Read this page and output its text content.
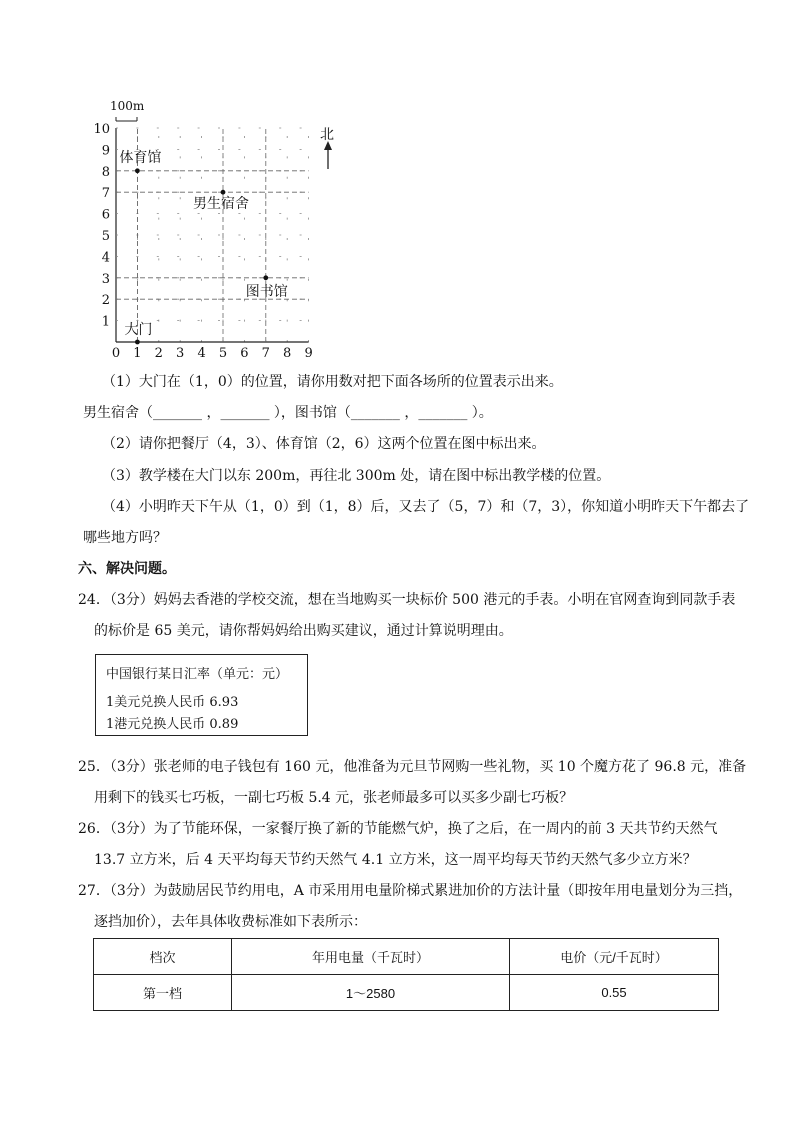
100m
0 1 2 3 4 5 6 7 8 9
1
2
3
4
5
6
7
8
9
10
体育馆
男生宿舍
图书馆
大门
北
（1）大门在（1，0）的位置，请你用数对把下面各场所的位置表示出来。
男生宿舍（_______ ，_______ ），图书馆（_______ ，_______ ）。
（2）请你把餐厅（4，3）、体育馆（2，6）这两个位置在图中标出来。
（3）教学楼在大门以东 200m，再往北 300m 处，请在图中标出教学楼的位置。
（4）小明昨天下午从（1，0）到（1，8）后，又去了（5，7）和（7，3），你知道小明昨天下午都去了
哪些地方吗？
六、解决问题。
24．（3分）妈妈去香港的学校交流，想在当地购买一块标价 500 港元的手表。小明在官网查询到同款手表
的标价是 65 美元，请你帮妈妈给出购买建议，通过计算说明理由。
中国银行某日汇率（单元：元）
1美元兑换人民币 6.93
1港元兑换人民币 0.89
25．（3分）张老师的电子钱包有 160 元，他准备为元旦节网购一些礼物，买 10 个魔方花了 96.8 元，准备
用剩下的钱买七巧板，一副七巧板 5.4 元，张老师最多可以买多少副七巧板？
26．（3分）为了节能环保，一家餐厅换了新的节能燃气炉，换了之后，在一周内的前 3 天共节约天然气
13.7 立方米，后 4 天平均每天节约天然气 4.1 立方米，这一周平均每天节约天然气多少立方米？
27．（3分）为鼓励居民节约用电，A 市采用用电量阶梯式累进加价的方法计量（即按年用电量划分为三挡，
逐挡加价），去年具体收费标准如下表所示：
档次	年用电量（千瓦时）	电价（元/千瓦时）
第一档	1～2580	0.55
